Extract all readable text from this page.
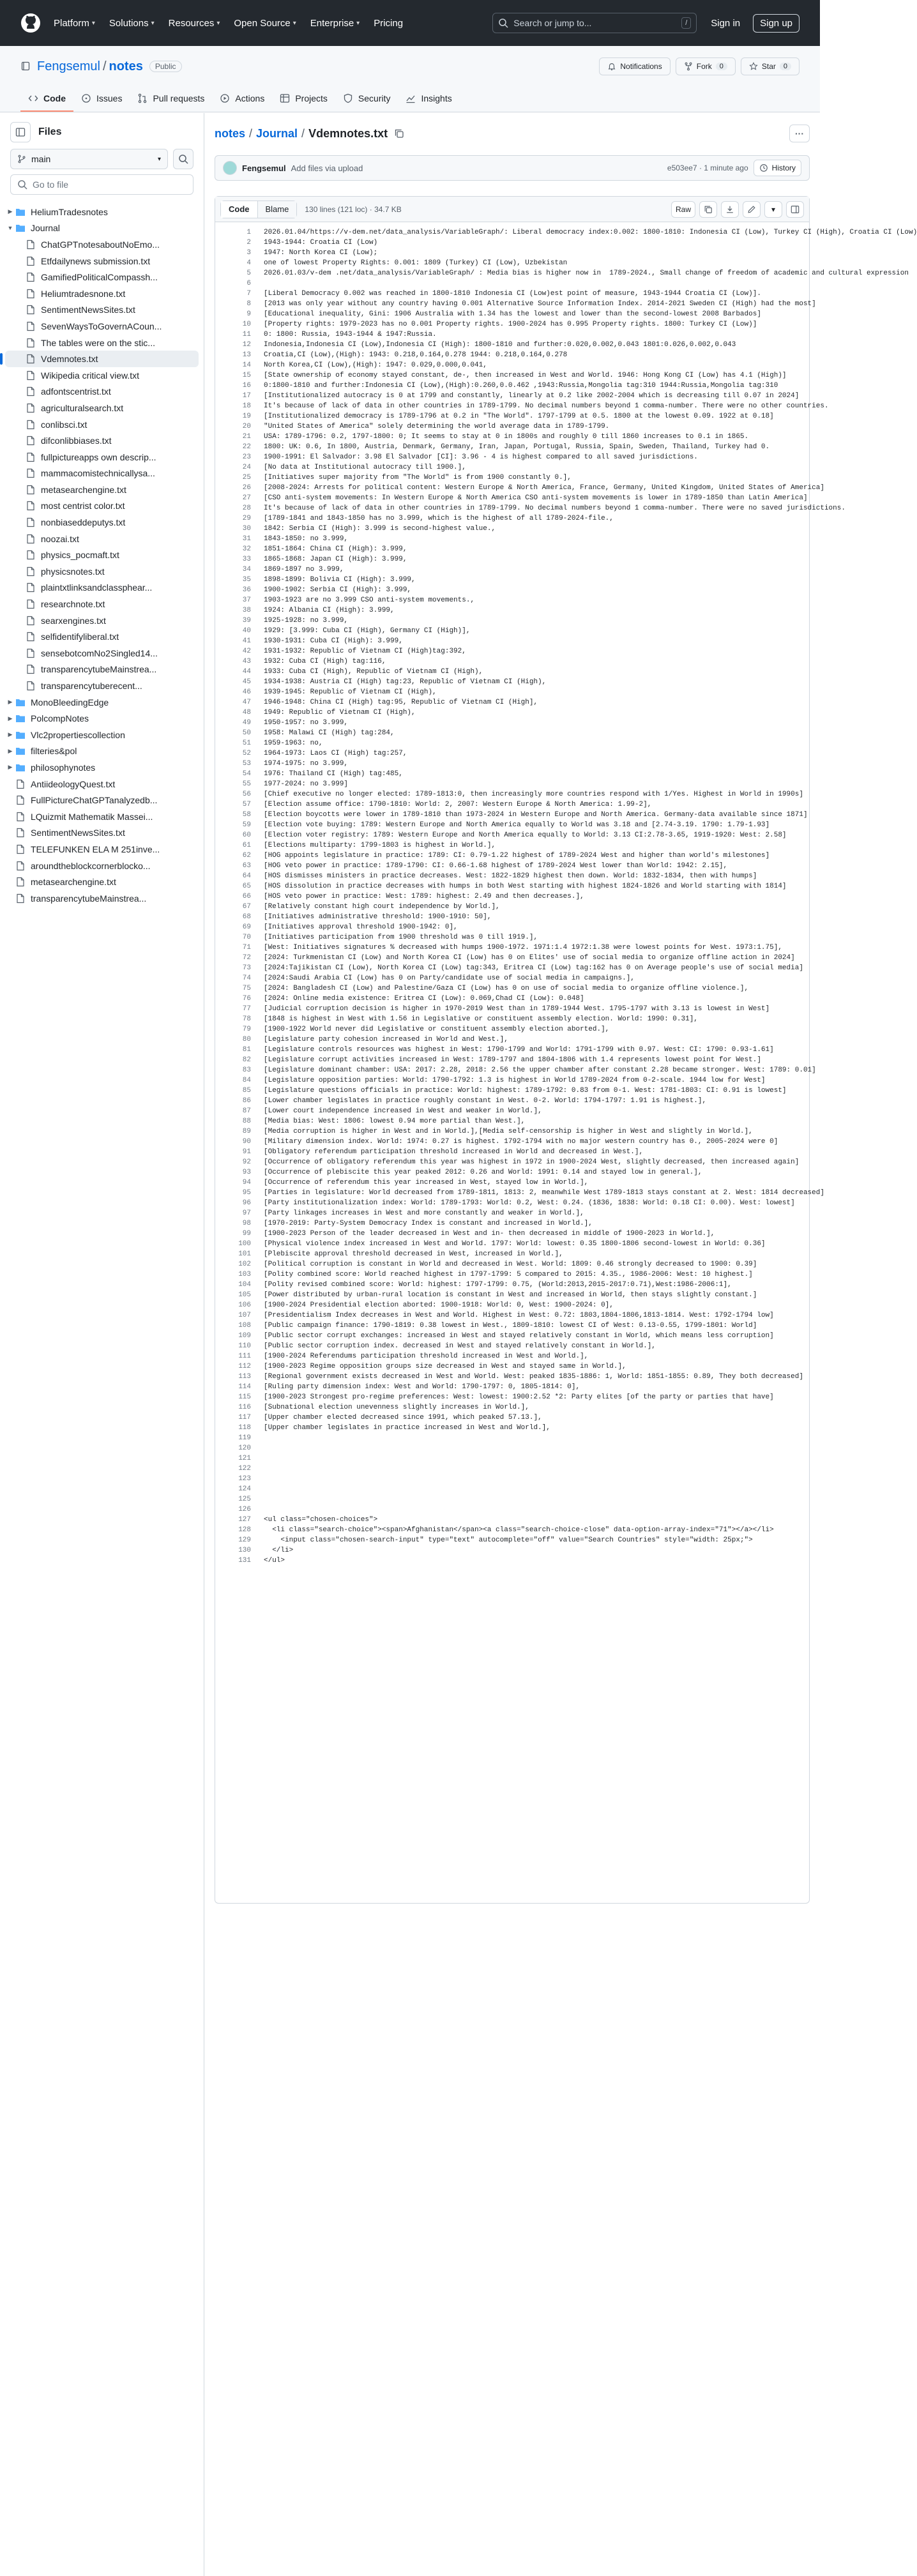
Platform ▾ Solutions ▾ Resources ▾ Open Source ▾ Enterprise ▾ Pricing	Search or jump to...	/	Sign in	Sign up
Fengsemul / notes	Public	Notifications	Fork	0	Star	0
Code	Issues	Pull requests	Actions	Projects	Security	Insights
Files
main	▾
Go to file
▶	HeliumTradesnotes
▼ Journal
ChatGPTnotesaboutNoEmo...
Etfdailynews submission.txt
GamifiedPoliticalCompassh...
Heliumtradesnone.txt
SentimentNewsSites.txt
SevenWaysToGovernACoun...
The tables were on the stic...
Vdemnotes.txt
Wikipedia critical view.txt
adfontscentrist.txt
agriculturalsearch.txt
conlibsci.txt
difconlibbiases.txt
fullpictureapps own descrip...
mammacomistechnicallysa...
metasearchengine.txt
most centrist color.txt
nonbiaseddeputys.txt
noozai.txt
physics_pocmaft.txt
physicsnotes.txt
plaintxtlinksandclassphear...
researchnote.txt
searxengines.txt
selfidentifyliberal.txt
sensebotcomNo2Singled14...
transparencytubeMainstrea...
transparencytuberecent...
▶	MonoBleedingEdge
▶	PolcompNotes
▶	Vlc2propertiescollection
▶	filteries&pol
▶	philosophynotes
AntiideologyQuest.txt
FullPictureChatGPTanalyzedb...
LQuizmit Mathematik Massei...
SentimentNewsSites.txt
TELEFUNKEN ELA M 251inve...
aroundtheblockcornerblocko...
metasearchengine.txt
transparencytubeMainstrea...
notes / Journal / Vdemnotes.txt	···
Fengsemul Add files via upload	e503ee7 · 1 minute ago	History
Code	Blame	130 lines (121 loc) · 34.7 KB	Raw	▾
1	2026.01.04/https://v-dem.net/data_analysis/VariableGraph/: Liberal democracy index:0.002: 1800-1810: Indonesia CI (Low), Turkey CI (High), Croatia CI (Low)
2	1943-1944: Croatia CI (Low)
3	1947: North Korea CI (Low);
4	one of lowest Property Rights: 0.001: 1809 (Turkey) CI (Low), Uzbekistan
5	2026.01.03/v-dem .net/data_analysis/VariableGraph/ : Media bias is higher now in  1789-2024., Small change of freedom of academic and cultural expression
6
7	[Liberal Democracy 0.002 was reached in 1800-1810 Indonesia CI (Low)est point of measure, 1943-1944 Croatia CI (Low)].
8	[2013 was only year without any country having 0.001 Alternative Source Information Index. 2014-2021 Sweden CI (High) had the most]
9	[Educational inequality, Gini: 1906 Australia with 1.34 has the lowest and lower than the second-lowest 2008 Barbados]
10	[Property rights: 1979-2023 has no 0.001 Property rights. 1900-2024 has 0.995 Property rights. 1800: Turkey CI (Low)]
11	0: 1800: Russia, 1943-1944 & 1947:Russia.
12	Indonesia,Indonesia CI (Low),Indonesia CI (High): 1800-1810 and further:0.020,0.002,0.043 1801:0.026,0.002,0.043
13	Croatia,CI (Low),(High): 1943: 0.218,0.164,0.278 1944: 0.218,0.164,0.278
14	North Korea,CI (Low),(High): 1947: 0.029,0.000,0.041,
15	[State ownership of economy stayed constant, de-, then increased in West and World. 1946: Hong Kong CI (Low) has 4.1 (High)]
16	0:1800-1810 and further:Indonesia CI (Low),(High):0.260,0.0.462 ,1943:Russia,Mongolia tag:310 1944:Russia,Mongolia tag:310
17	[Institutionalized autocracy is 0 at 1799 and constantly, linearly at 0.2 like 2002-2004 which is decreasing till 0.07 in 2024]
18	It's because of lack of data in other countries in 1789-1799. No decimal numbers beyond 1 comma-number. There were no other countries.
19	[Institutionalized democracy is 1789-1796 at 0.2 in "The World". 1797-1799 at 0.5. 1800 at the lowest 0.09. 1922 at 0.18]
20	"United States of America" solely determining the world average data in 1789-1799.
21	USA: 1789-1796: 0.2, 1797-1800: 0; It seems to stay at 0 in 1800s and roughly 0 till 1860 increases to 0.1 in 1865.
22	1800: UK: 0.6, In 1800, Austria, Denmark, Germany, Iran, Japan, Portugal, Russia, Spain, Sweden, Thailand, Turkey had 0.
23	1900-1991: El Salvador: 3.98 El Salvador [CI]: 3.96 - 4 is highest compared to all saved jurisdictions.
24	[No data at Institutional autocracy till 1900.],
25	[Initiatives super majority from "The World" is from 1900 constantly 0.],
26	[2008-2024: Arrests for political content: Western Europe & North America, France, Germany, United Kingdom, United States of America]
27	[CSO anti-system movements: In Western Europe & North America CSO anti-system movements is lower in 1789-1850 than Latin America]
28	It's because of lack of data in other countries in 1789-1799. No decimal numbers beyond 1 comma-number. There were no saved jurisdictions.
29	[1789-1841 and 1843-1850 has no 3.999, which is the highest of all 1789-2024-file.,
30	1842: Serbia CI (High): 3.999 is second-highest value.,
31	1843-1850: no 3.999,
32	1851-1864: China CI (High): 3.999,
33	1865-1868: Japan CI (High): 3.999,
34	1869-1897 no 3.999,
35	1898-1899: Bolivia CI (High): 3.999,
36	1900-1902: Serbia CI (High): 3.999,
37	1903-1923 are no 3.999 CSO anti-system movements.,
38	1924: Albania CI (High): 3.999,
39	1925-1928: no 3.999,
40	1929: [3.999: Cuba CI (High), Germany CI (High)],
41	1930-1931: Cuba CI (High): 3.999,
42	1931-1932: Republic of Vietnam CI (High)tag:392,
43	1932: Cuba CI (High) tag:116,
44	1933: Cuba CI (High), Republic of Vietnam CI (High),
45	1934-1938: Austria CI (High) tag:23, Republic of Vietnam CI (High),
46	1939-1945: Republic of Vietnam CI (High),
47	1946-1948: China CI (High) tag:95, Republic of Vietnam CI (High],
48	1949: Republic of Vietnam CI (High),
49	1950-1957: no 3.999,
50	1958: Malawi CI (High) tag:284,
51	1959-1963: no,
52	1964-1973: Laos CI (High) tag:257,
53	1974-1975: no 3.999,
54	1976: Thailand CI (High) tag:485,
55	1977-2024: no 3.999]
56	[Chief executive no longer elected: 1789-1813:0, then increasingly more countries respond with 1/Yes. Highest in World in 1990s]
57	[Election assume office: 1790-1810: World: 2, 2007: Western Europe & North America: 1.99-2],
58	[Election boycotts were lower in 1789-1810 than 1973-2024 in Western Europe and North America. Germany-data available since 1871]
59	[Election vote buying: 1789: Western Europe and North America equally to World was 3.18 and [2.74-3.19. 1790: 1.79-1.93]
60	[Election voter registry: 1789: Western Europe and North America equally to World: 3.13 CI:2.78-3.65, 1919-1920: West: 2.58]
61	[Elections multiparty: 1799-1803 is highest in World.],
62	[HOG appoints legislature in practice: 1789: CI: 0.79-1.22 highest of 1789-2024 West and higher than world's milestones]
63	[HOG veto power in practice: 1789-1790: CI: 0.66-1.68 highest of 1789-2024 West lower than World: 1942: 2.15],
64	[HOS dismisses ministers in practice decreases. West: 1822-1829 highest then down. World: 1832-1834, then with humps]
65	[HOS dissolution in practice decreases with humps in both West starting with highest 1824-1826 and World starting with 1814]
66	[HOS veto power in practice: West: 1789: highest: 2.49 and then decreases.],
67	[Relatively constant high court independence by World.],
68	[Initiatives administrative threshold: 1900-1910: 50],
69	[Initiatives approval threshold 1900-1942: 0],
70	[Initiatives participation from 1900 threshold was 0 till 1919.],
71	[West: Initiatives signatures % decreased with humps 1900-1972. 1971:1.4 1972:1.38 were lowest points for West. 1973:1.75],
72	[2024: Turkmenistan CI (Low) and North Korea CI (Low) has 0 on Elites' use of social media to organize offline action in 2024]
73	[2024:Tajikistan CI (Low), North Korea CI (Low) tag:343, Eritrea CI (Low) tag:162 has 0 on Average people's use of social media]
74	[2024:Saudi Arabia CI (Low) has 0 on Party/candidate use of social media in campaigns.],
75	[2024: Bangladesh CI (Low) and Palestine/Gaza CI (Low) has 0 on use of social media to organize offline violence.],
76	[2024: Online media existence: Eritrea CI (Low): 0.069,Chad CI (Low): 0.048]
77	[Judicial corruption decision is higher in 1970-2019 West than in 1789-1944 West. 1795-1797 with 3.13 is lowest in West]
78	[1848 is highest in West with 1.56 in Legislative or constituent assembly election. World: 1990: 0.31],
79	[1900-1922 World never did Legislative or constituent assembly election aborted.],
80	[Legislature party cohesion increased in World and West.],
81	[Legislature controls resources was highest in West: 1790-1799 and World: 1791-1799 with 0.97. West: CI: 1790: 0.93-1.61]
82	[Legislature corrupt activities increased in West: 1789-1797 and 1804-1806 with 1.4 represents lowest point for West.]
83	[Legislature dominant chamber: USA: 2017: 2.28, 2018: 2.56 the upper chamber after constant 2.28 became stronger. West: 1789: 0.01]
84	[Legislature opposition parties: World: 1790-1792: 1.3 is highest in World 1789-2024 from 0-2-scale. 1944 low for West]
85	[Legislature questions officials in practice: World: highest: 1789-1792: 0.83 from 0-1. West: 1781-1803: CI: 0.91 is lowest]
86	[Lower chamber legislates in practice roughly constant in West. 0-2. World: 1794-1797: 1.91 is highest.],
87	[Lower court independence increased in West and weaker in World.],
88	[Media bias: West: 1806: lowest 0.94 more partial than West.],
89	[Media corruption is higher in West and in World.],[Media self-censorship is higher in West and slightly in World.],
90	[Military dimension index. World: 1974: 0.27 is highest. 1792-1794 with no major western country has 0., 2005-2024 were 0]
91	[Obligatory referendum participation threshold increased in World and decreased in West.],
92	[Occurrence of obligatory referendum this year was highest in 1972 in 1900-2024 West, slightly decreased, then increased again]
93	[Occurrence of plebiscite this year peaked 2012: 0.26 and World: 1991: 0.14 and stayed low in general.],
94	[Occurrence of referendum this year increased in West, stayed low in World.],
95	[Parties in legislature: World decreased from 1789-1811, 1813: 2, meanwhile West 1789-1813 stays constant at 2. West: 1814 decreased]
96	[Party institutionalization index: World: 1789-1793: World: 0.2, West: 0.24. (1836, 1838: World: 0.18 CI: 0.00). West: lowest]
97	[Party linkages increases in West and more constantly and weaker in World.],
98	[1970-2019: Party-System Democracy Index is constant and increased in World.],
99	[1900-2023 Person of the leader decreased in West and in- then decreased in middle of 1900-2023 in World.],
100	[Physical violence index increased in West and World. 1797: World: lowest: 0.35 1800-1806 second-lowest in World: 0.36]
101	[Plebiscite approval threshold decreased in West, increased in World.],
102	[Political corruption is constant in World and decreased in West. World: 1809: 0.46 strongly decreased to 1900: 0.39]
103	[Polity combined score: World reached highest in 1797-1799: 5 compared to 2015: 4.35., 1986-2006: West: 10 highest.]
104	[Polity revised combined score: World: highest: 1797-1799: 0.75, (World:2013,2015-2017:0.71),West:1986-2006:1],
105	[Power distributed by urban-rural location is constant in West and increased in World, then stays slightly constant.]
106	[1900-2024 Presidential election aborted: 1900-1918: World: 0, West: 1900-2024: 0],
107	[Presidentialism Index decreases in West and World. Highest in West: 0.72: 1803,1804-1806,1813-1814. West: 1792-1794 low]
108	[Public campaign finance: 1790-1819: 0.38 lowest in West., 1809-1810: lowest CI of West: 0.13-0.55, 1799-1801: World]
109	[Public sector corrupt exchanges: increased in West and stayed relatively constant in World, which means less corruption]
110	[Public sector corruption index. decreased in West and stayed relatively constant in World.],
111	[1900-2024 Referendums participation threshold increased in West and World.],
112	[1900-2023 Regime opposition groups size decreased in West and stayed same in World.],
113	[Regional government exists decreased in West and World. West: peaked 1835-1886: 1, World: 1851-1855: 0.89, They both decreased]
114	[Ruling party dimension index: West and World: 1790-1797: 0, 1805-1814: 0],
115	[1900-2023 Strongest pro-regime preferences: West: lowest: 1900:2.52 *2: Party elites [of the party or parties that have]
116	[Subnational election unevenness slightly increases in World.],
117	[Upper chamber elected decreased since 1991, which peaked 57.13.],
118	[Upper chamber legislates in practice increased in West and World.],
119
120
121
122
123
124
125
126
127	<ul class="chosen-choices">
128	<li class="search-choice"><span>Afghanistan</span><a class="search-choice-close" data-option-array-index="71"></a></li>
129	<input class="chosen-search-input" type="text" autocomplete="off" value="Search Countries" style="width: 25px;">
130	</li>
131	</ul>
